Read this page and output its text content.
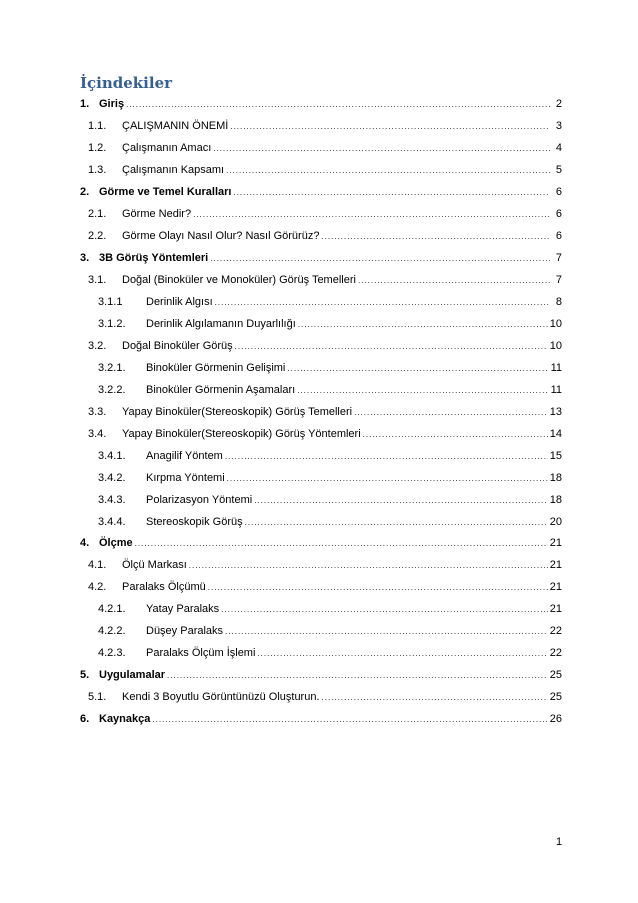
İçindekiler
1. Giriş .....	2
1.1.	ÇALIŞMANIN ÖNEMİ .....	3
1.2.	Çalışmanın Amacı .....	4
1.3.	Çalışmanın Kapsamı .....	5
2. Görme ve Temel Kuralları .....	6
2.1.	Görme Nedir? .....	6
2.2.	Görme Olayı Nasıl Olur? Nasıl Görürüz? .....	6
3. 3B Görüş Yöntemleri .....	7
3.1.	Doğal (Binoküler ve Monoküler) Görüş Temelleri .....	7
3.1.1	Derinlik Algısı .....	8
3.1.2.	Derinlik Algılamanın Duyarlılığı .....	10
3.2.	Doğal Binoküler Görüş .....	10
3.2.1.	Binoküler Görmenin Gelişimi .....	11
3.2.2.	Binoküler Görmenin Aşamaları .....	11
3.3.	Yapay Binoküler(Stereoskopik) Görüş Temelleri .....	13
3.4.	Yapay Binoküler(Stereoskopik) Görüş Yöntemleri .....	14
3.4.1.	Anagilif Yöntem .....	15
3.4.2.	Kırpma Yöntemi .....	18
3.4.3.	Polarizasyon Yöntemi .....	18
3.4.4.	Stereoskopik Görüş .....	20
4. Ölçme .....	21
4.1.	Ölçü Markası .....	21
4.2.	Paralaks Ölçümü .....	21
4.2.1.	Yatay Paralaks .....	21
4.2.2.	Düşey Paralaks .....	22
4.2.3.	Paralaks Ölçüm İşlemi .....	22
5. Uygulamalar .....	25
5.1.	Kendi 3 Boyutlu Görüntünüzü Oluşturun. .....	25
6. Kaynakça .....	26
1
